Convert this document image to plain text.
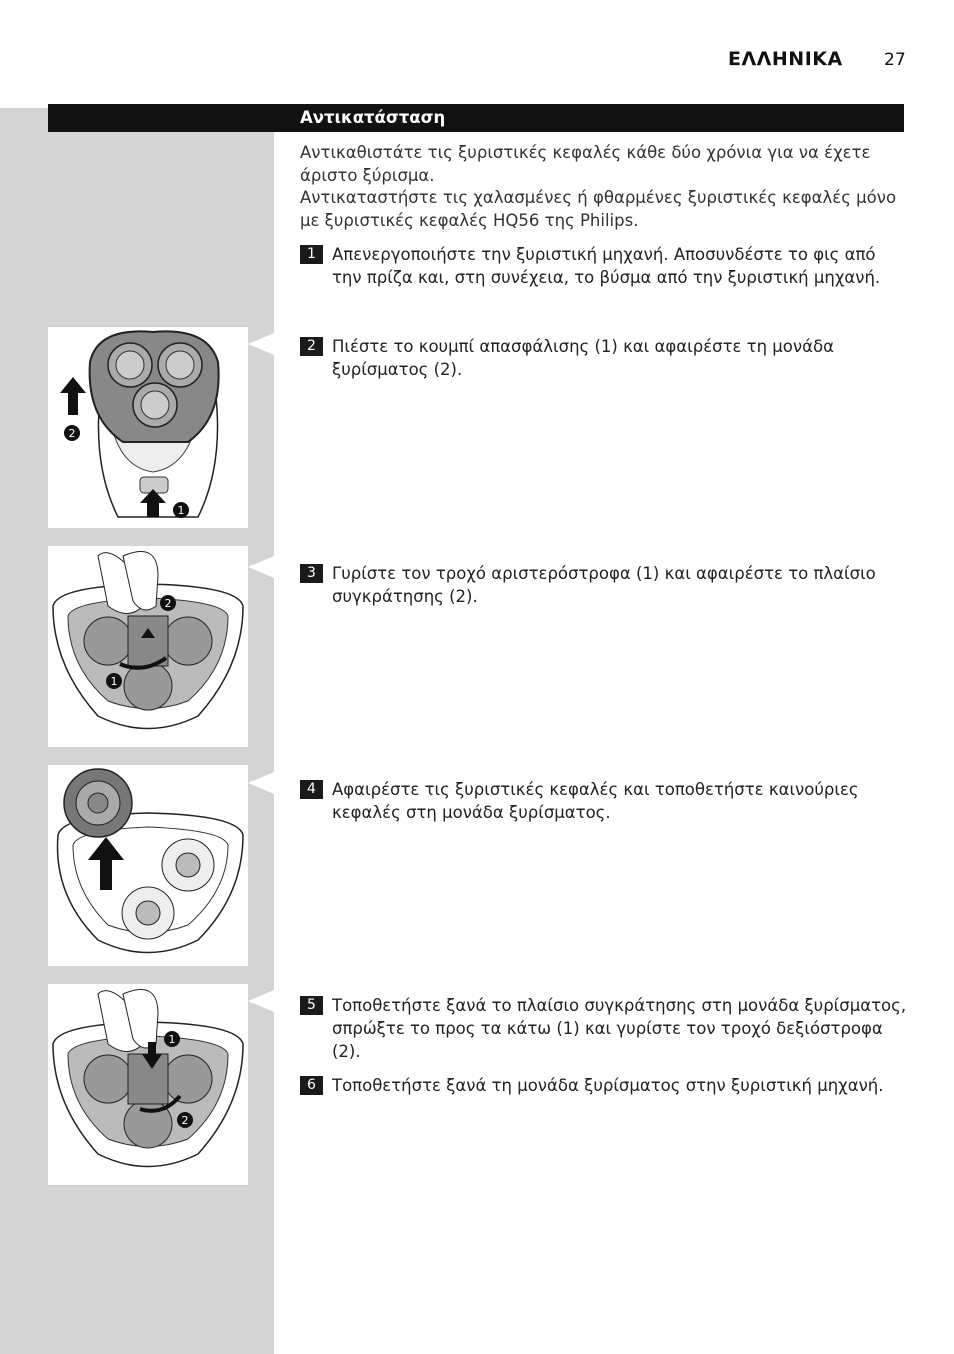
ΕΛΛΗΝΙΚΑ 27
Αντικατάσταση

Αντικαθιστάτε τις ξυριστικές κεφαλές κάθε δύο χρόνια για να έχετε άριστο ξύρισμα.

Αντικαταστήστε τις χαλασμένες ή φθαρμένες ξυριστικές κεφαλές μόνο με ξυριστικές κεφαλές HQ56 της Philips.

1 Απενεργοποιήστε την ξυριστική μηχανή. Αποσυνδέστε το φις από την πρίζα και, στη συνέχεια, το βύσμα από την ξυριστική μηχανή.
2 Πιέστε το κουμπί απασφάλισης (1) και αφαιρέστε τη μονάδα ξυρίσματος (2).
3 Γυρίστε τον τροχό αριστερόστροφα (1) και αφαιρέστε το πλαίσιο συγκράτησης (2).
4 Αφαιρέστε τις ξυριστικές κεφαλές και τοποθετήστε καινούριες κεφαλές στη μονάδα ξυρίσματος.
5 Τοποθετήστε ξανά το πλαίσιο συγκράτησης στη μονάδα ξυρίσματος, σπρώξτε το προς τα κάτω (1) και γυρίστε τον τροχό δεξιόστροφα (2).
6 Τοποθετήστε ξανά τη μονάδα ξυρίσματος στην ξυριστική μηχανή.
2
1
2
1
1
2
